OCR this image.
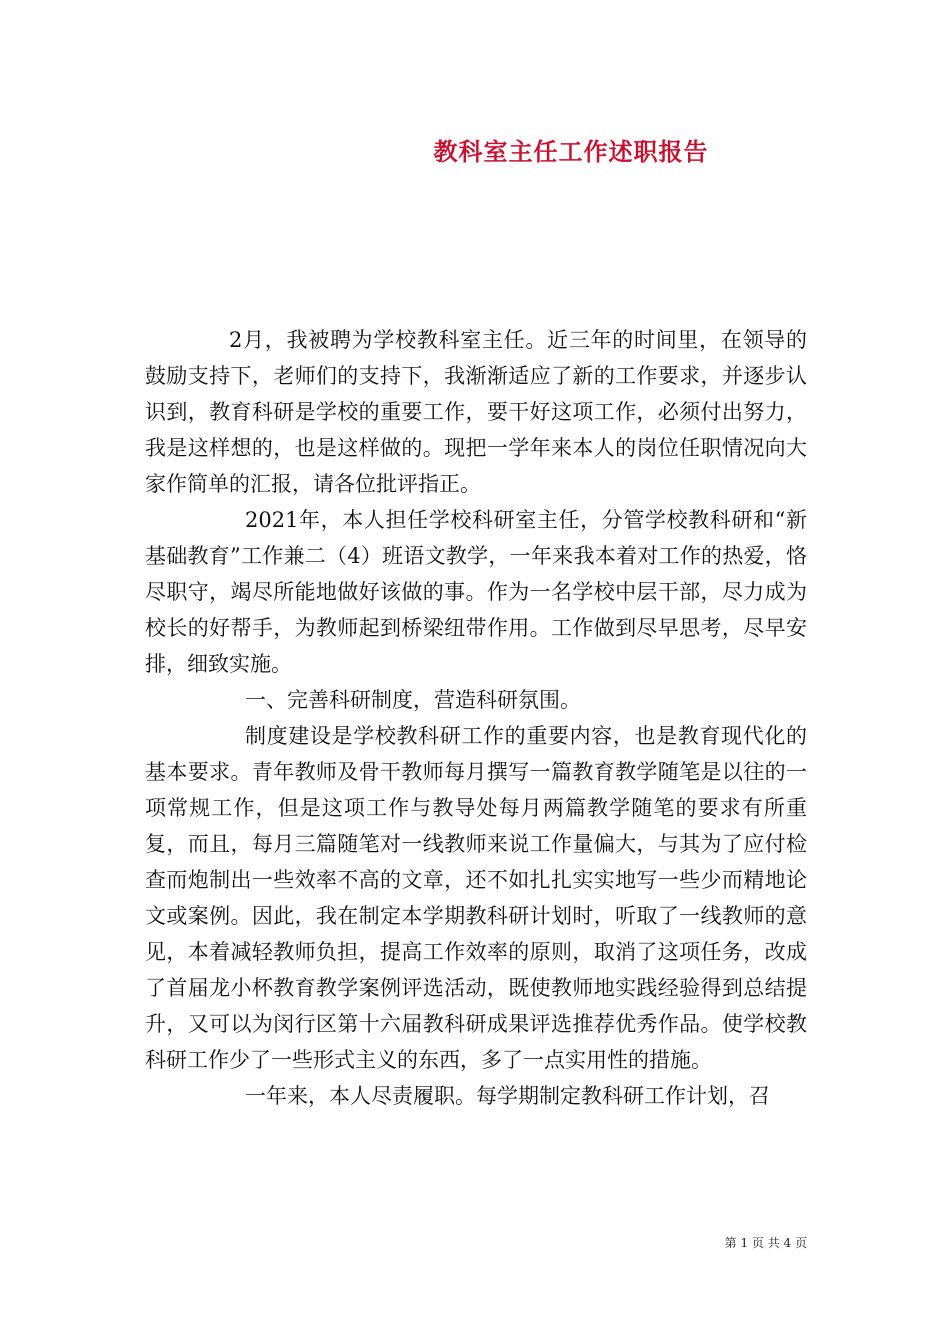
教科室主任工作述职报告

2月，我被聘为学校教科室主任。近三年的时间里，在领导的鼓励支持下，老师们的支持下，我渐渐适应了新的工作要求，并逐步认识到，教育科研是学校的重要工作，要干好这项工作，必须付出努力，我是这样想的，也是这样做的。现把一学年来本人的岗位任职情况向大家作简单的汇报，请各位批评指正。

2021年，本人担任学校科研室主任，分管学校教科研和“新基础教育”工作兼二（4）班语文教学，一年来我本着对工作的热爱，恪尽职守，竭尽所能地做好该做的事。作为一名学校中层干部，尽力成为校长的好帮手，为教师起到桥梁纽带作用。工作做到尽早思考，尽早安排，细致实施。

一、完善科研制度，营造科研氛围。

制度建设是学校教科研工作的重要内容，也是教育现代化的基本要求。青年教师及骨干教师每月撰写一篇教育教学随笔是以往的一项常规工作，但是这项工作与教导处每月两篇教学随笔的要求有所重复，而且，每月三篇随笔对一线教师来说工作量偏大，与其为了应付检查而炮制出一些效率不高的文章，还不如扎扎实实地写一些少而精地论文或案例。因此，我在制定本学期教科研计划时，听取了一线教师的意见，本着减轻教师负担，提高工作效率的原则，取消了这项任务，改成了首届龙小杯教育教学案例评选活动，既使教师地实践经验得到总结提升，又可以为闵行区第十六届教科研成果评选推荐优秀作品。使学校教科研工作少了一些形式主义的东西，多了一点实用性的措施。

一年来，本人尽责履职。每学期制定教科研工作计划，召

第 1 页 共 4 页
